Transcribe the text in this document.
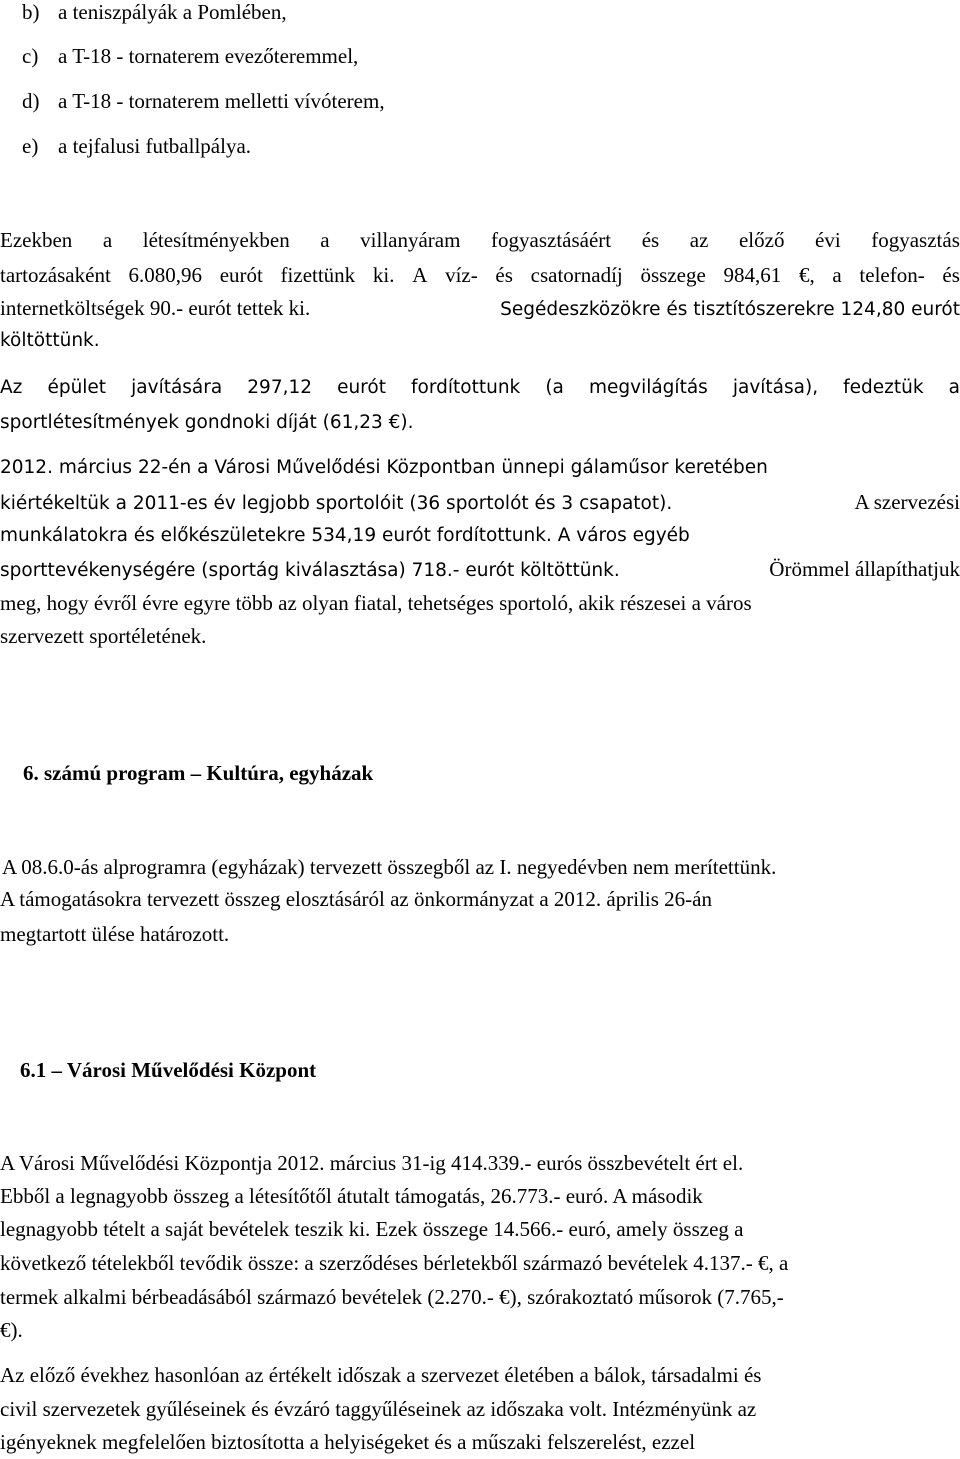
b) a teniszpályák a Pomlében,
c) a T-18 - tornaterem evezőteremmel,
d) a T-18 - tornaterem melletti vívóterem,
e) a tejfalusi futballpálya.
Ezekben a létesítményekben a villanyáram fogyasztásáért és az előző évi fogyasztás
tartozásaként 6.080,96 eurót fizettünk ki. A víz- és csatornadíj összege 984,61 €, a telefon- és
internetköltségek 90.- eurót tettek ki.	Segédeszközökre és tisztítószerekre 124,80 eurót
költöttünk.
Az épület javítására 297,12 eurót fordítottunk (a megvilágítás javítása), fedeztük a
sportlétesítmények gondnoki díját (61,23 €).
2012. március 22-én a Városi Művelődési Központban ünnepi gálaműsor keretében
kiértékeltük a 2011-es év legjobb sportolóit (36 sportolót és 3 csapatot).	A szervezési
munkálatokra és előkészületekre 534,19 eurót fordítottunk. A város egyéb
sporttevékenységére (sportág kiválasztása) 718.- eurót költöttünk.	Örömmel állapíthatjuk
meg, hogy évről évre egyre több az olyan fiatal, tehetséges sportoló, akik részesei a város
szervezett sportéletének.
6. számú program – Kultúra, egyházak
A 08.6.0-ás alprogramra (egyházak) tervezett összegből az I. negyedévben nem merítettünk.
A támogatásokra tervezett összeg elosztásáról az önkormányzat a 2012. április 26-án
megtartott ülése határozott.
6.1 – Városi Művelődési Központ
A Városi Művelődési Központja 2012. március 31-ig 414.339.- eurós összbevételt ért el.
Ebből a legnagyobb összeg a létesítőtől átutalt támogatás, 26.773.- euró. A második
legnagyobb tételt a saját bevételek teszik ki. Ezek összege 14.566.- euró, amely összeg a
következő tételekből tevődik össze: a szerződéses bérletekből származó bevételek 4.137.- €, a
termek alkalmi bérbeadásából származó bevételek (2.270.- €), szórakoztató műsorok (7.765,-
€).
Az előző évekhez hasonlóan az értékelt időszak a szervezet életében a bálok, társadalmi és
civil szervezetek gyűléseinek és évzáró taggyűléseinek az időszaka volt. Intézményünk az
igényeknek megfelelően biztosította a helyiségeket és a műszaki felszerelést, ezzel
